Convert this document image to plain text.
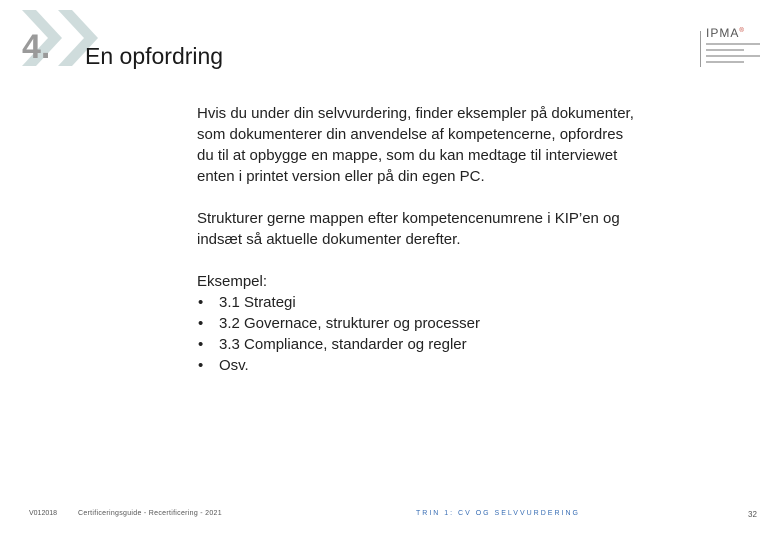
4. En opfordring
IPMA®

Hvis du under din selvvurdering, finder eksempler på dokumenter, som dokumenterer din anvendelse af kompetencerne, opfordres du til at opbygge en mappe, som du kan medtage til interviewet enten i printet version eller på din egen PC.

Strukturer gerne mappen efter kompetencenumrene i KIP’en og indsæt så aktuelle dokumenter derefter.

Eksempel:

• 3.1 Strategi
• 3.2 Governace, strukturer og processer
• 3.3 Compliance, standarder og regler
• Osv.
V012018	Certificeringsguide - Recertificering - 2021	TRIN 1: CV OG SELVVURDERING	32
